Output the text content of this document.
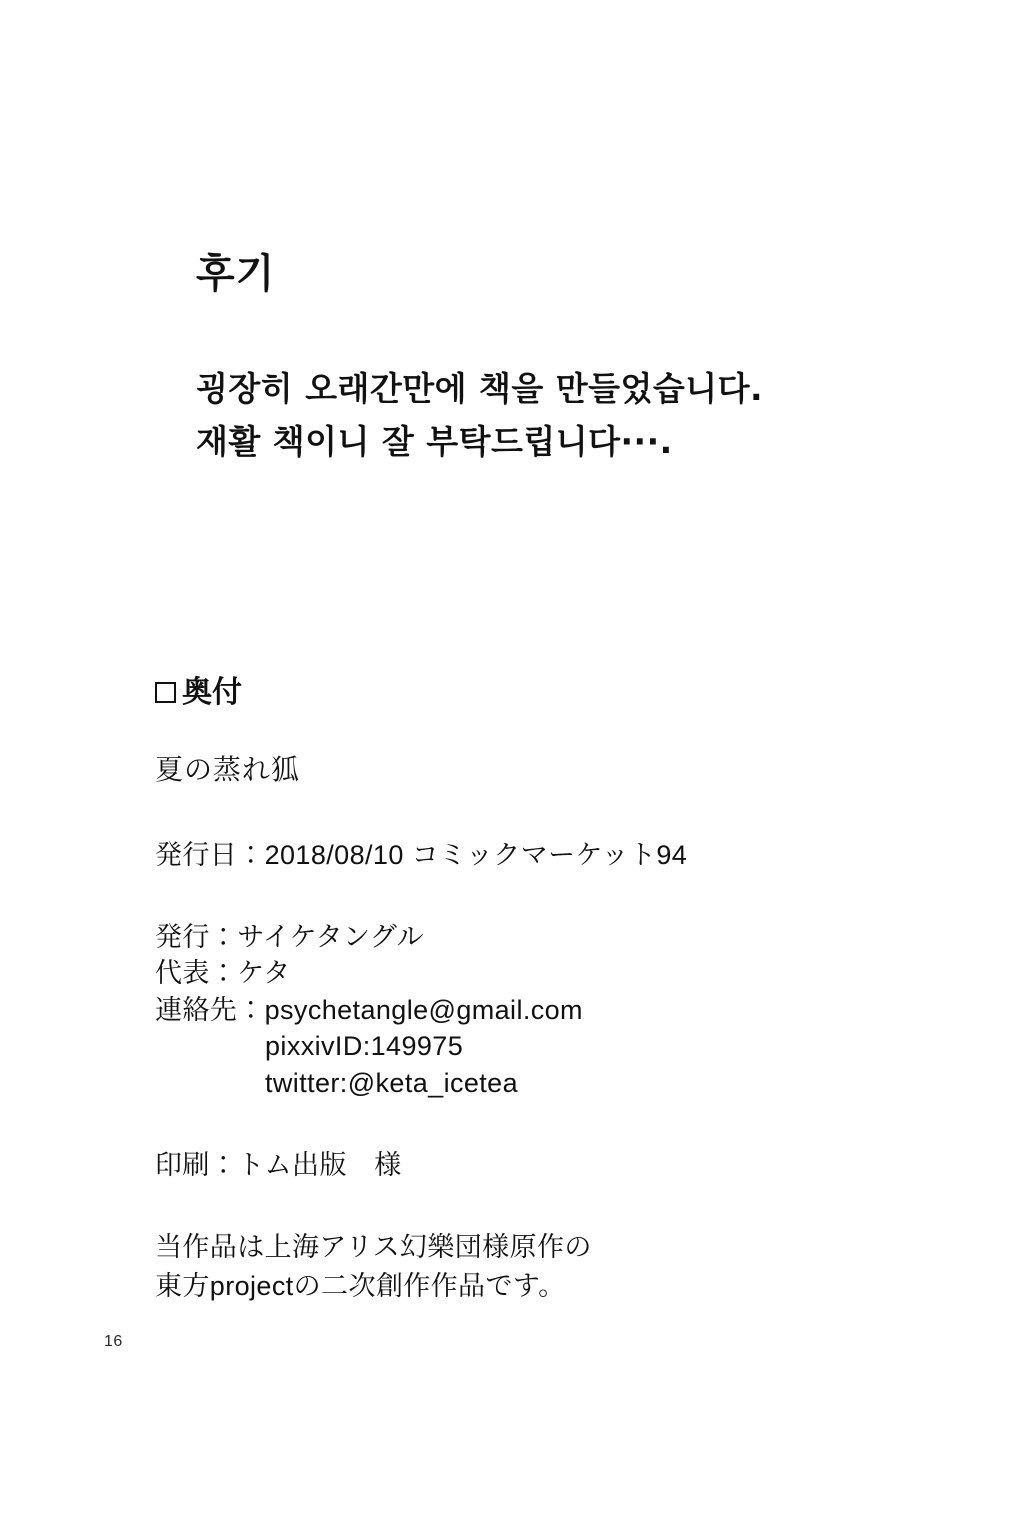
후기

굉장히 오래간만에 책을 만들었습니다.

재활 책이니 잘 부탁드립니다···.

奥付

夏の蒸れ狐

発行日：2018/08/10 コミックマーケット94

発行：サイケタングル

代表：ケタ

連絡先：psychetangle@gmail.com

pixxivID:149975

twitter:@keta_icetea

印刷：トム出版　様

当作品は上海アリス幻樂団様原作の

東方projectの二次創作作品です。

16
